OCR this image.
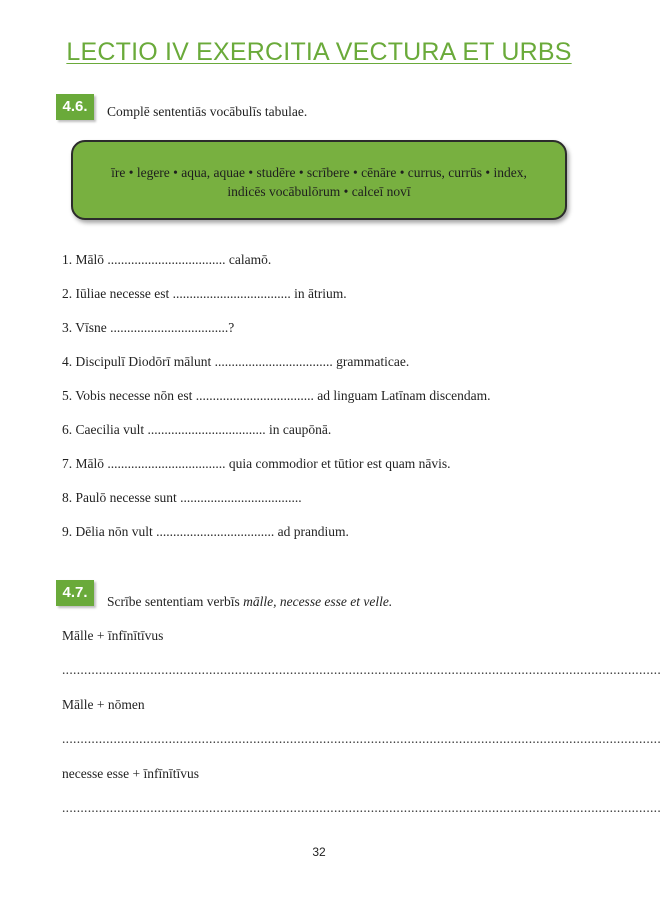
LECTIO IV EXERCITIA VECTURA ET URBS
4.6.	Complē sententiās vocābulīs tabulae.
īre • legere • aqua, aquae • studēre • scrībere • cēnāre • currus, currūs • index,
indicēs vocābulōrum • calceī novī
1. Mālō ................................... calamō.
2. Iūliae necesse est ................................... in ātrium.
3. Vīsne ...................................?
4. Discipulī Diodōrī mālunt ................................... grammaticae.
5. Vobis necesse nōn est ................................... ad linguam Latīnam discendam.
6. Caecilia vult ................................... in caupōnā.
7. Mālō ................................... quia commodior et tūtior est quam nāvis.
8. Paulō necesse sunt ....................................
9. Dēlia nōn vult ................................... ad prandium.
4.7.
Scrībe sententiam verbīs mālle, necesse esse et velle.
Mālle + īnfīnītīvus
...................................................................................................................................................................
Mālle + nōmen
...................................................................................................................................................................
necesse esse + īnfīnītīvus
...................................................................................................................................................................
32
